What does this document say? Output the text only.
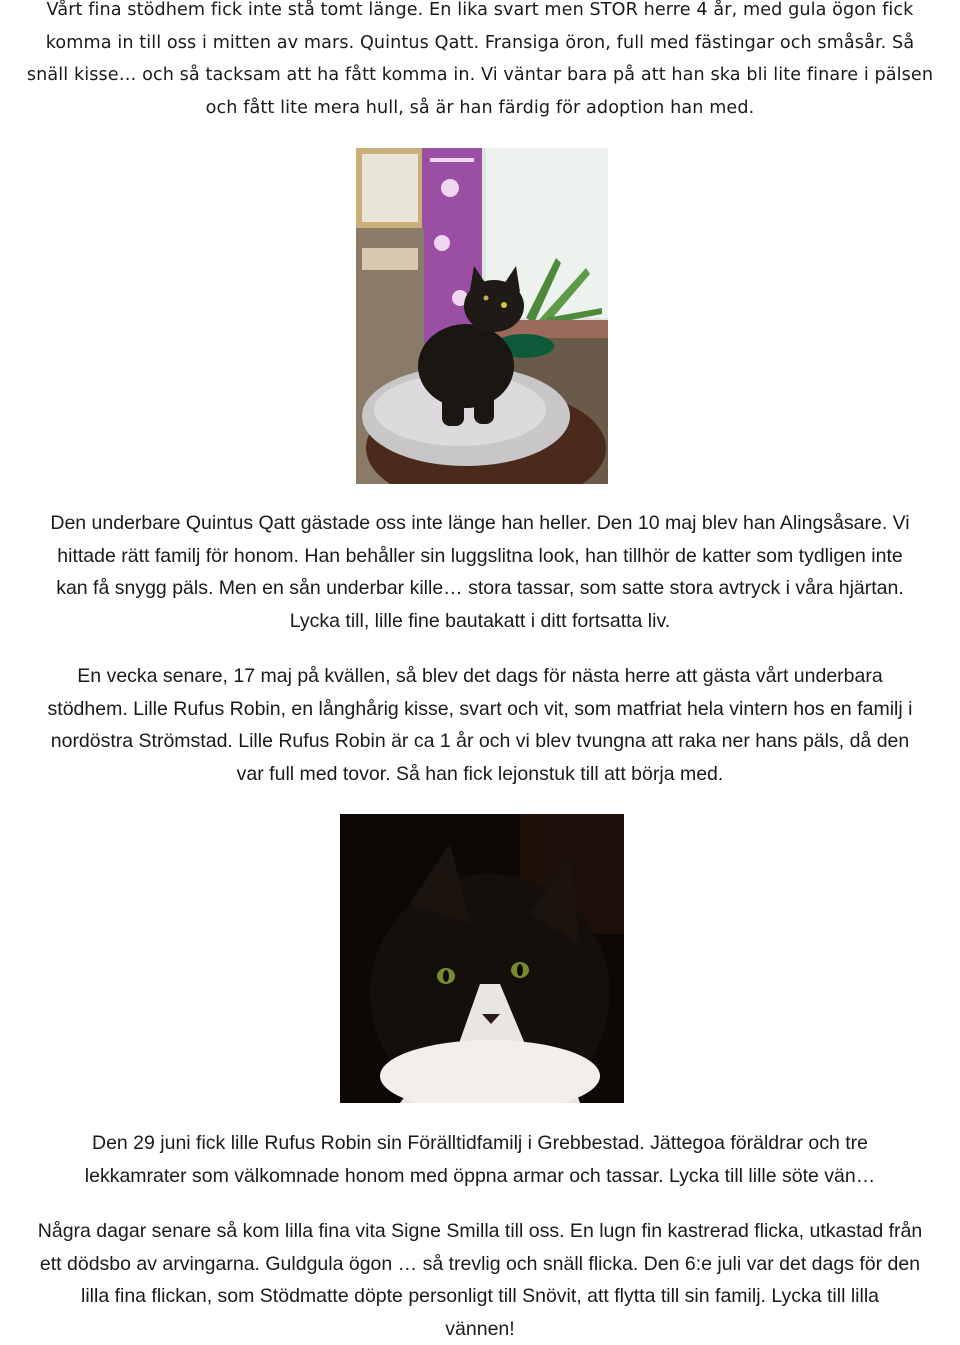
Vårt fina stödhem fick inte stå tomt länge. En lika svart men STOR herre 4 år, med gula ögon fick
komma in till oss i mitten av mars. Quintus Qatt. Fransiga öron, full med fästingar och småsår. Så
snäll kisse… och så tacksam att ha fått komma in. Vi väntar bara på att han ska bli lite finare i pälsen
och fått lite mera hull, så är han färdig för adoption han med.
Den underbare Quintus Qatt gästade oss inte länge han heller. Den 10 maj blev han Alingsåsare. Vi
hittade rätt familj för honom. Han behåller sin luggslitna look, han tillhör de katter som tydligen inte
kan få snygg päls. Men en sån underbar kille… stora tassar, som satte stora avtryck i våra hjärtan.
Lycka till, lille fine bautakatt i ditt fortsatta liv.
En vecka senare, 17 maj på kvällen, så blev det dags för nästa herre att gästa vårt underbara
stödhem. Lille Rufus Robin, en långhårig kisse, svart och vit, som matfriat hela vintern hos en familj i
nordöstra Strömstad. Lille Rufus Robin är ca 1 år och vi blev tvungna att raka ner hans päls, då den
var full med tovor. Så han fick lejonstuk till att börja med.
Den 29 juni fick lille Rufus Robin sin Förälltidfamilj i Grebbestad. Jättegoa föräldrar och tre
lekkamrater som välkomnade honom med öppna armar och tassar. Lycka till lille söte vän…
Några dagar senare så kom lilla fina vita Signe Smilla till oss. En lugn fin kastrerad flicka, utkastad från
ett dödsbo av arvingarna. Guldgula ögon … så trevlig och snäll flicka. Den 6:e juli var det dags för den
lilla fina flickan, som Stödmatte döpte personligt till Snövit, att flytta till sin familj. Lycka till lilla
vännen!
